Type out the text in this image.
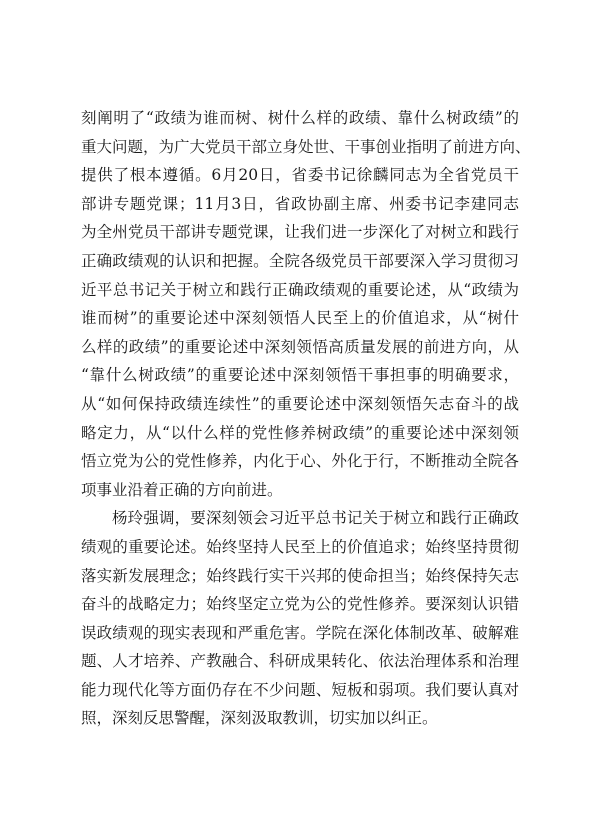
刻阐明了“政绩为谁而树、树什么样的政绩、靠什么树政绩”的
重大问题，为广大党员干部立身处世、干事创业指明了前进方向、
提供了根本遵循。6月20日，省委书记徐麟同志为全省党员干
部讲专题党课；11月3日，省政协副主席、州委书记李建同志
为全州党员干部讲专题党课，让我们进一步深化了对树立和践行
正确政绩观的认识和把握。全院各级党员干部要深入学习贯彻习
近平总书记关于树立和践行正确政绩观的重要论述，从“政绩为
谁而树”的重要论述中深刻领悟人民至上的价值追求，从“树什
么样的政绩”的重要论述中深刻领悟高质量发展的前进方向，从
“靠什么树政绩”的重要论述中深刻领悟干事担事的明确要求，
从“如何保持政绩连续性”的重要论述中深刻领悟矢志奋斗的战
略定力，从“以什么样的党性修养树政绩”的重要论述中深刻领
悟立党为公的党性修养，内化于心、外化于行，不断推动全院各
项事业沿着正确的方向前进。
杨玲强调，要深刻领会习近平总书记关于树立和践行正确政
绩观的重要论述。始终坚持人民至上的价值追求；始终坚持贯彻
落实新发展理念；始终践行实干兴邦的使命担当；始终保持矢志
奋斗的战略定力；始终坚定立党为公的党性修养。要深刻认识错
误政绩观的现实表现和严重危害。学院在深化体制改革、破解难
题、人才培养、产教融合、科研成果转化、依法治理体系和治理
能力现代化等方面仍存在不少问题、短板和弱项。我们要认真对
照，深刻反思警醒，深刻汲取教训，切实加以纠正。
